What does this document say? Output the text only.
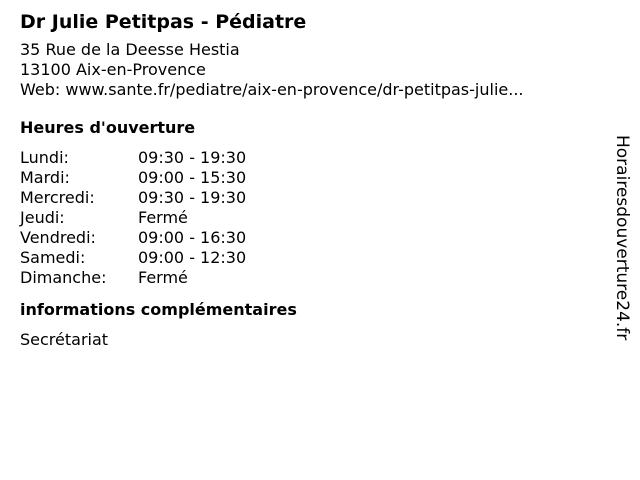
Dr Julie Petitpas - Pédiatre
35 Rue de la Deesse Hestia
13100 Aix-en-Provence
Web: www.sante.fr/pediatre/aix-en-provence/dr-petitpas-julie...
Heures d'ouverture
Lundi:	09:30 - 19:30
Mardi:	09:00 - 15:30
Mercredi:	09:30 - 19:30
Jeudi:	Fermé
Vendredi:	09:00 - 16:30
Samedi:	09:00 - 12:30
Dimanche:	Fermé
informations complémentaires
Secrétariat	Horairesdouverture24.fr
